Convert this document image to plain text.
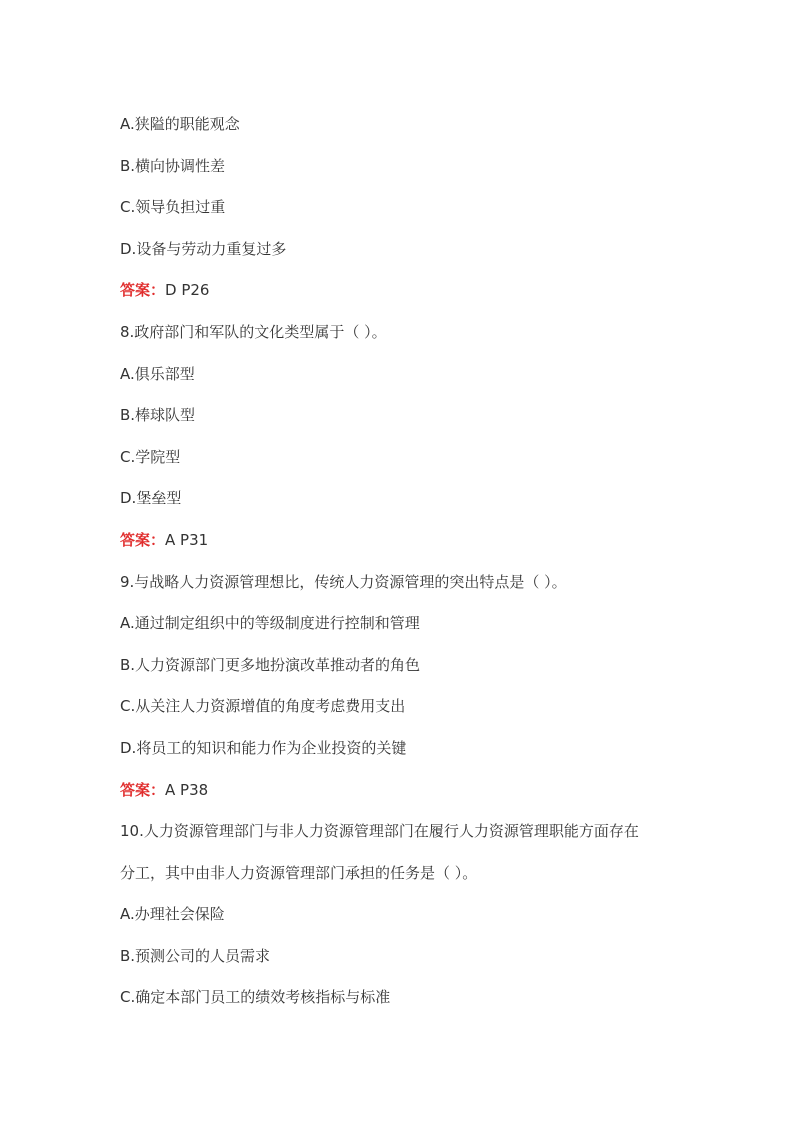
A.狭隘的职能观念
B.横向协调性差
C.领导负担过重
D.设备与劳动力重复过多
答案：D P26
8.政府部门和军队的文化类型属于（ ）。
A.俱乐部型
B.棒球队型
C.学院型
D.堡垒型
答案：A P31
9.与战略人力资源管理想比，传统人力资源管理的突出特点是（ ）。
A.通过制定组织中的等级制度进行控制和管理
B.人力资源部门更多地扮演改革推动者的角色
C.从关注人力资源增值的角度考虑费用支出
D.将员工的知识和能力作为企业投资的关键
答案：A P38
10.人力资源管理部门与非人力资源管理部门在履行人力资源管理职能方面存在
分工，其中由非人力资源管理部门承担的任务是（ ）。
A.办理社会保险
B.预测公司的人员需求
C.确定本部门员工的绩效考核指标与标准
